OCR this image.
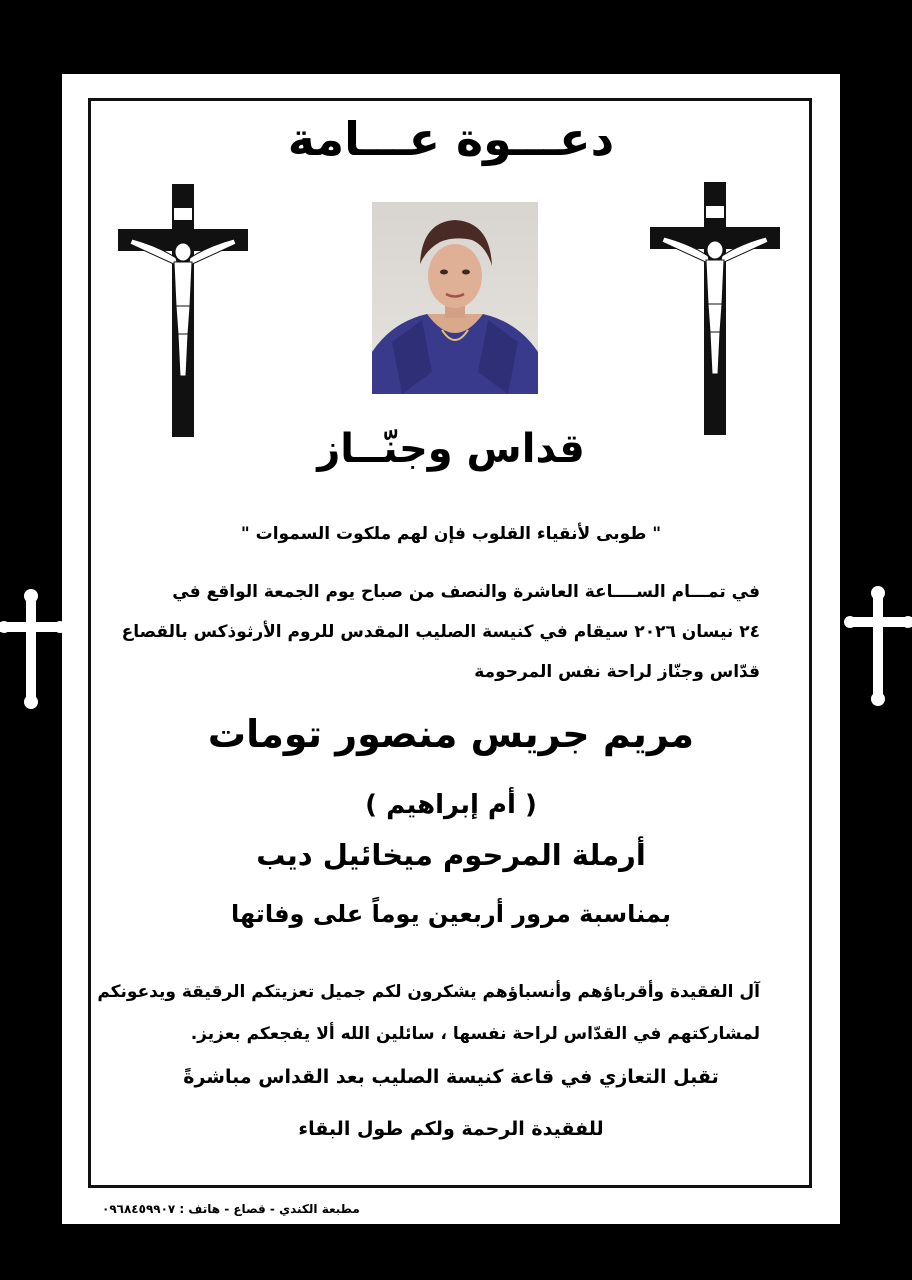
دعـــوة عـــامة
قداس وجنّــاز
" طوبى لأنقياء القلوب فإن لهم ملكوت السموات "
في تمـــام الســــاعة العاشرة والنصف من صباح يوم الجمعة الواقع في
٢٤ نيسان ٢٠٢٦ سيقام في كنيسة الصليب المقدس للروم الأرثوذكس بالقصاع
قدّاس وجنّاز لراحة نفس المرحومة
مريم جريس منصور تومات
( أم إبراهيم )
أرملة المرحوم ميخائيل ديب
بمناسبة مرور أربعين يوماً على وفاتها
آل الفقيدة وأقرباؤهم وأنسباؤهم يشكرون لكم جميل تعزيتكم الرقيقة ويدعونكم
لمشاركتهم في القدّاس لراحة نفسها ، سائلين الله ألا يفجعكم بعزيز.
تقبل التعازي في قاعة كنيسة الصليب بعد القداس مباشرةً
للفقيدة الرحمة ولكم طول البقاء
مطبعة الكندي - قصاع - هاتف : ٠٩٦٨٤٥٩٩٠٧
